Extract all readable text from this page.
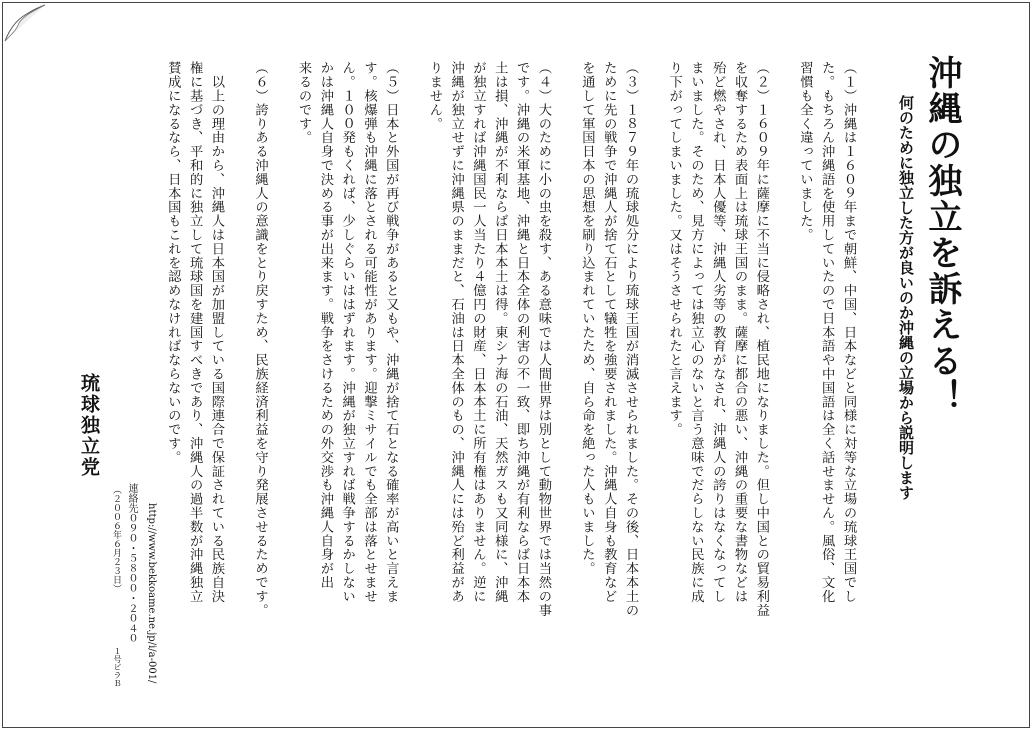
沖縄の独立を訴える！
何のために独立した方が良いのか沖縄の立場から説明します

（１）沖縄は１６０９年まで朝鮮、中国、日本などと同様に対等な立場の琉球王国でし
た。もちろん沖縄語を使用していたので日本語や中国語は全く話せません。風俗、文化
習慣も全く違っていました。

（２）１６０９年に薩摩に不当に侵略され、植民地になりました。但し中国との貿易利益
を収奪するため表面上は琉球王国のまま。薩摩に都合の悪い、沖縄の重要な書物などは
殆ど燃やされ、日本人優等、沖縄人劣等の教育がなされ、沖縄人の誇りはなくなってし
まいました。そのため、見方によっては独立心のないと言う意味でだらしない民族に成
り下がってしまいました。又はそうさせられたと言えます。

（３）１８７９年の琉球処分により琉球王国が消滅させられました。その後、日本本土の
ために先の戦争で沖縄人が捨て石として犠牲を強要されました。沖縄人自身も教育など
を通して軍国日本の思想を刷り込まれていたため、自ら命を絶った人もいました。

（４）大のために小の虫を殺す、ある意味では人間世界は別として動物世界では当然の事
です。沖縄の米軍基地、沖縄と日本全体の利害の不一致、即ち沖縄が有利ならば日本本
土は損、沖縄が不利ならば日本本土は得。東シナ海の石油、天然ガスも又同様に、沖縄
が独立すれば沖縄国民一人当たり４億円の財産、日本本土に所有権はありません。逆に
沖縄が独立せずに沖縄県のままだと、石油は日本全体のもの、沖縄人には殆ど利益があ
りません。

（５）日本と外国が再び戦争があると又もや、沖縄が捨て石となる確率が高いと言えま
す。核爆弾も沖縄に落とされる可能性があります。迎撃ミサイルでも全部は落とせませ
ん。１００発もくれば、少しぐらいははずれます。沖縄が独立すれば戦争するかしない
かは沖縄人自身で決める事が出来ます。戦争をさけるための外交渉も沖縄人自身が出
来るのです。

（６）誇りある沖縄人の意識をとり戻すため、民族経済利益を守り発展させるためです。

　以上の理由から、沖縄人は日本国が加盟している国際連合で保証されている民族自決
権に基づき、平和的に独立して琉球国を建国すべきであり、沖縄人の過半数が沖縄独立
賛成になるなら、日本国もこれを認めなければならないのです。

琉球独立党
（２００６年６月２３日） 連絡先０９０・５８００・２０４０ http://www.bekkoame.ne.jp/i/a-001/
１号ビラＢ
